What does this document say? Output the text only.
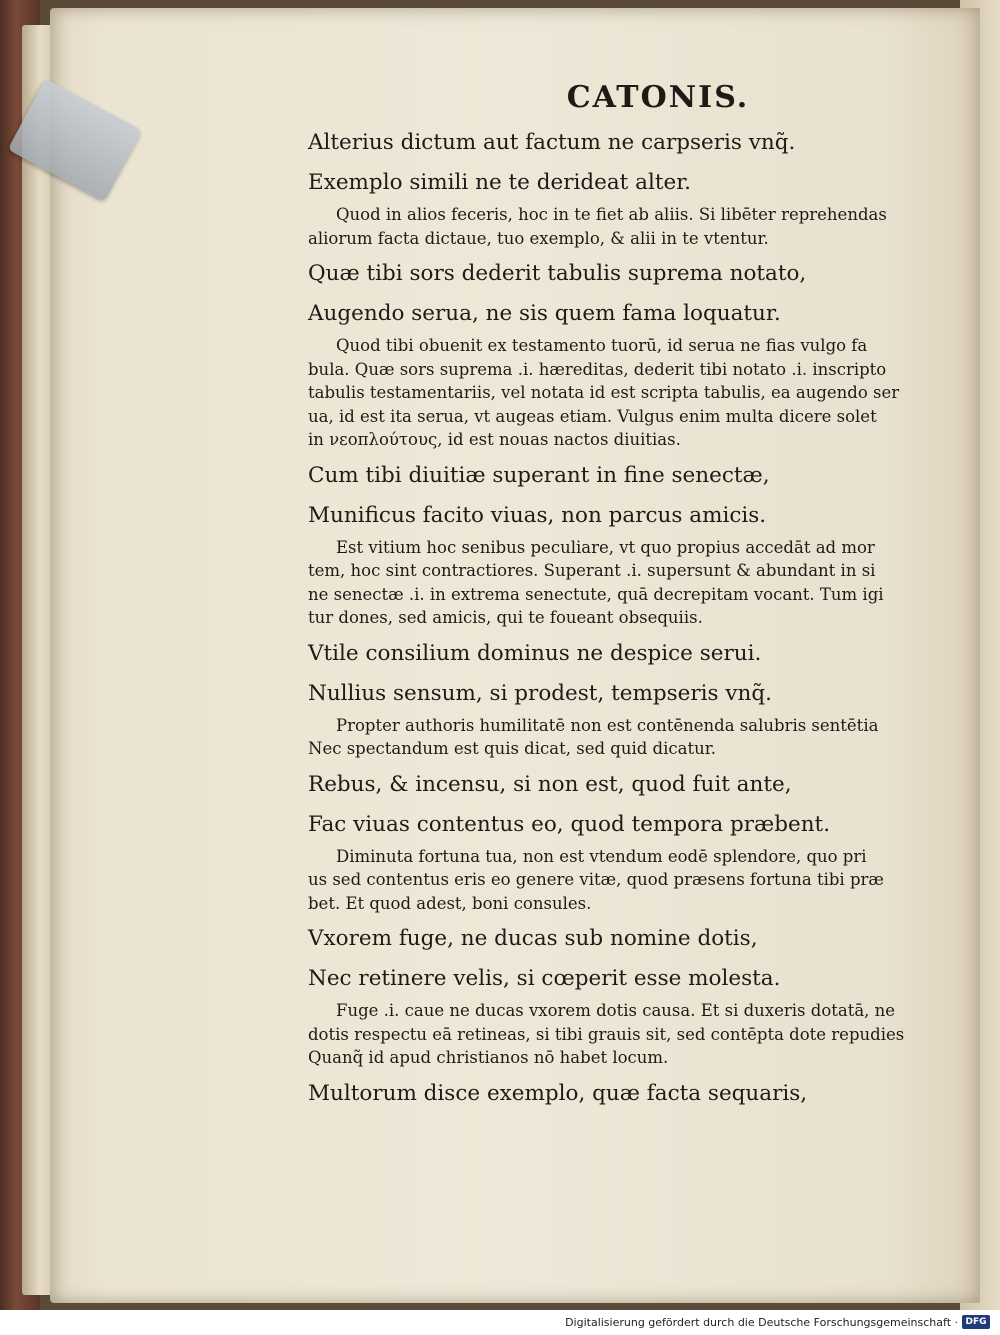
CATONIS.
Alterius dictum aut factum ne carpseris vnq̃.
Exemplo simili ne te derideat alter.

Quod in alios feceris, hoc in te fiet ab aliis. Si libēter reprehendas

aliorum facta dictaue, tuo exemplo, & alii in te vtentur.

Quæ tibi sors dederit tabulis suprema notato,
Augendo serua, ne sis quem fama loquatur.

Quod tibi obuenit ex testamento tuorū, id serua ne fias vulgo fa

bula. Quæ sors suprema .i. hæreditas, dederit tibi notato .i. inscripto

tabulis testamentariis, vel notata id est scripta tabulis, ea augendo ser

ua, id est ita serua, vt augeas etiam. Vulgus enim multa dicere solet

in νεοπλούτους, id est nouas nactos diuitias.

Cum tibi diuitiæ superant in fine senectæ,
Munificus facito viuas, non parcus amicis.

Est vitium hoc senibus peculiare, vt quo propius accedāt ad mor

tem, hoc sint contractiores. Superant .i. supersunt & abundant in si

ne senectæ .i. in extrema senectute, quā decrepitam vocant. Tum igi

tur dones, sed amicis, qui te foueant obsequiis.

Vtile consilium dominus ne despice serui.
Nullius sensum, si prodest, tempseris vnq̃.

Propter authoris humilitatē non est contēnenda salubris sentētia

Nec spectandum est quis dicat, sed quid dicatur.

Rebus, & incensu, si non est, quod fuit ante,
Fac viuas contentus eo, quod tempora præbent.

Diminuta fortuna tua, non est vtendum eodē splendore, quo pri

us sed contentus eris eo genere vitæ, quod præsens fortuna tibi præ

bet. Et quod adest, boni consules.

Vxorem fuge, ne ducas sub nomine dotis,
Nec retinere velis, si cœperit esse molesta.

Fuge .i. caue ne ducas vxorem dotis causa. Et si duxeris dotatā, ne

dotis respectu eā retineas, si tibi grauis sit, sed contēpta dote repudies

Quanq̃ id apud christianos nō habet locum.

Multorum disce exemplo, quæ facta sequaris,
Digitalisierung gefördert durch die Deutsche Forschungsgemeinschaft · DFG
